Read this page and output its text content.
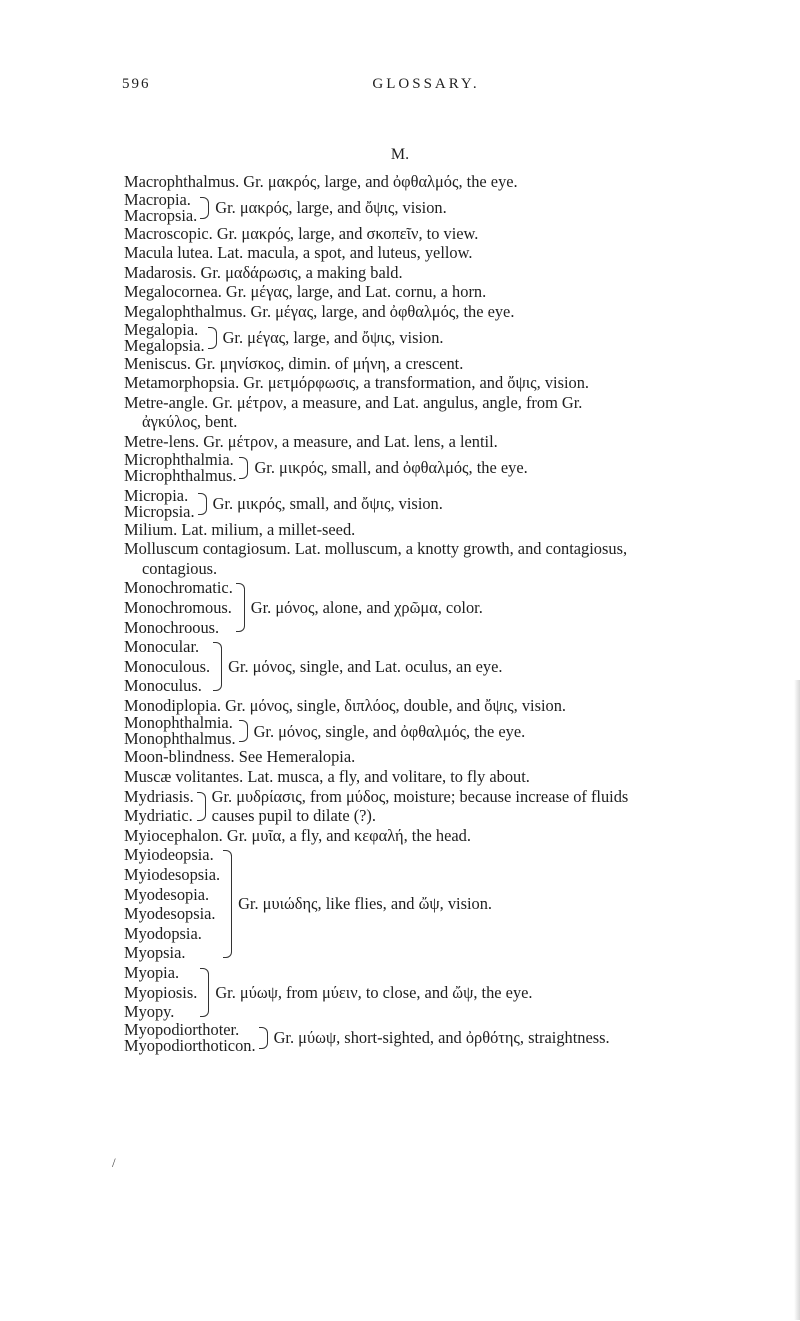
596	GLOSSARY.
M.
/
Macrophthalmus. Gr. μακρός, large, and ὀφθαλμός, the eye.
Macropia.
Macropsia. Gr. μακρός, large, and ὄψις, vision.
Macroscopic. Gr. μακρός, large, and σκοπεῖν, to view.
Macula lutea. Lat. macula, a spot, and luteus, yellow.
Madarosis. Gr. μαδάρωσις, a making bald.
Megalocornea. Gr. μέγας, large, and Lat. cornu, a horn.
Megalophthalmus. Gr. μέγας, large, and ὀφθαλμός, the eye.
Megalopia.
Megalopsia. Gr. μέγας, large, and ὄψις, vision.
Meniscus. Gr. μηνίσκος, dimin. of μήνη, a crescent.
Metamorphopsia. Gr. μετμόρφωσις, a transformation, and ὄψις, vision.
Metre-angle. Gr. μέτρον, a measure, and Lat. angulus, angle, from Gr.
ἀγκύλος, bent.
Metre-lens. Gr. μέτρον, a measure, and Lat. lens, a lentil.
Microphthalmia.
Microphthalmus. Gr. μικρός, small, and ὀφθαλμός, the eye.
Micropia.
Micropsia. Gr. μικρός, small, and ὄψις, vision.
Milium. Lat. milium, a millet-seed.
Molluscum contagiosum. Lat. molluscum, a knotty growth, and contagiosus,
contagious.
Monochromatic.
Monochromous.
Monochroous.
Gr. μόνος, alone, and χρῶμα, color.
Monocular.
Monoculous.
Monoculus.
Gr. μόνος, single, and Lat. oculus, an eye.
Monodiplopia. Gr. μόνος, single, διπλόος, double, and ὄψις, vision.
Monophthalmia.
Monophthalmus. Gr. μόνος, single, and ὀφθαλμός, the eye.
Moon-blindness. See Hemeralopia.
Muscæ volitantes. Lat. musca, a fly, and volitare, to fly about.
Mydriasis.
Mydriatic.
Gr. μυδρίασις, from μύδος, moisture; because increase of fluids
causes pupil to dilate (?).
Myiocephalon. Gr. μυῖα, a fly, and κεφαλή, the head.
Myiodeopsia.
Myiodesopsia.
Myodesopia.
Myodesopsia.
Myodopsia.
Myopsia.
Gr. μυιώδης, like flies, and ὤψ, vision.
Myopia.
Myopiosis.
Myopy.
Gr. μύωψ, from μύειν, to close, and ὤψ, the eye.
Myopodiorthoter.
Myopodiorthoticon. Gr. μύωψ, short-sighted, and ὀρθότης, straightness.
